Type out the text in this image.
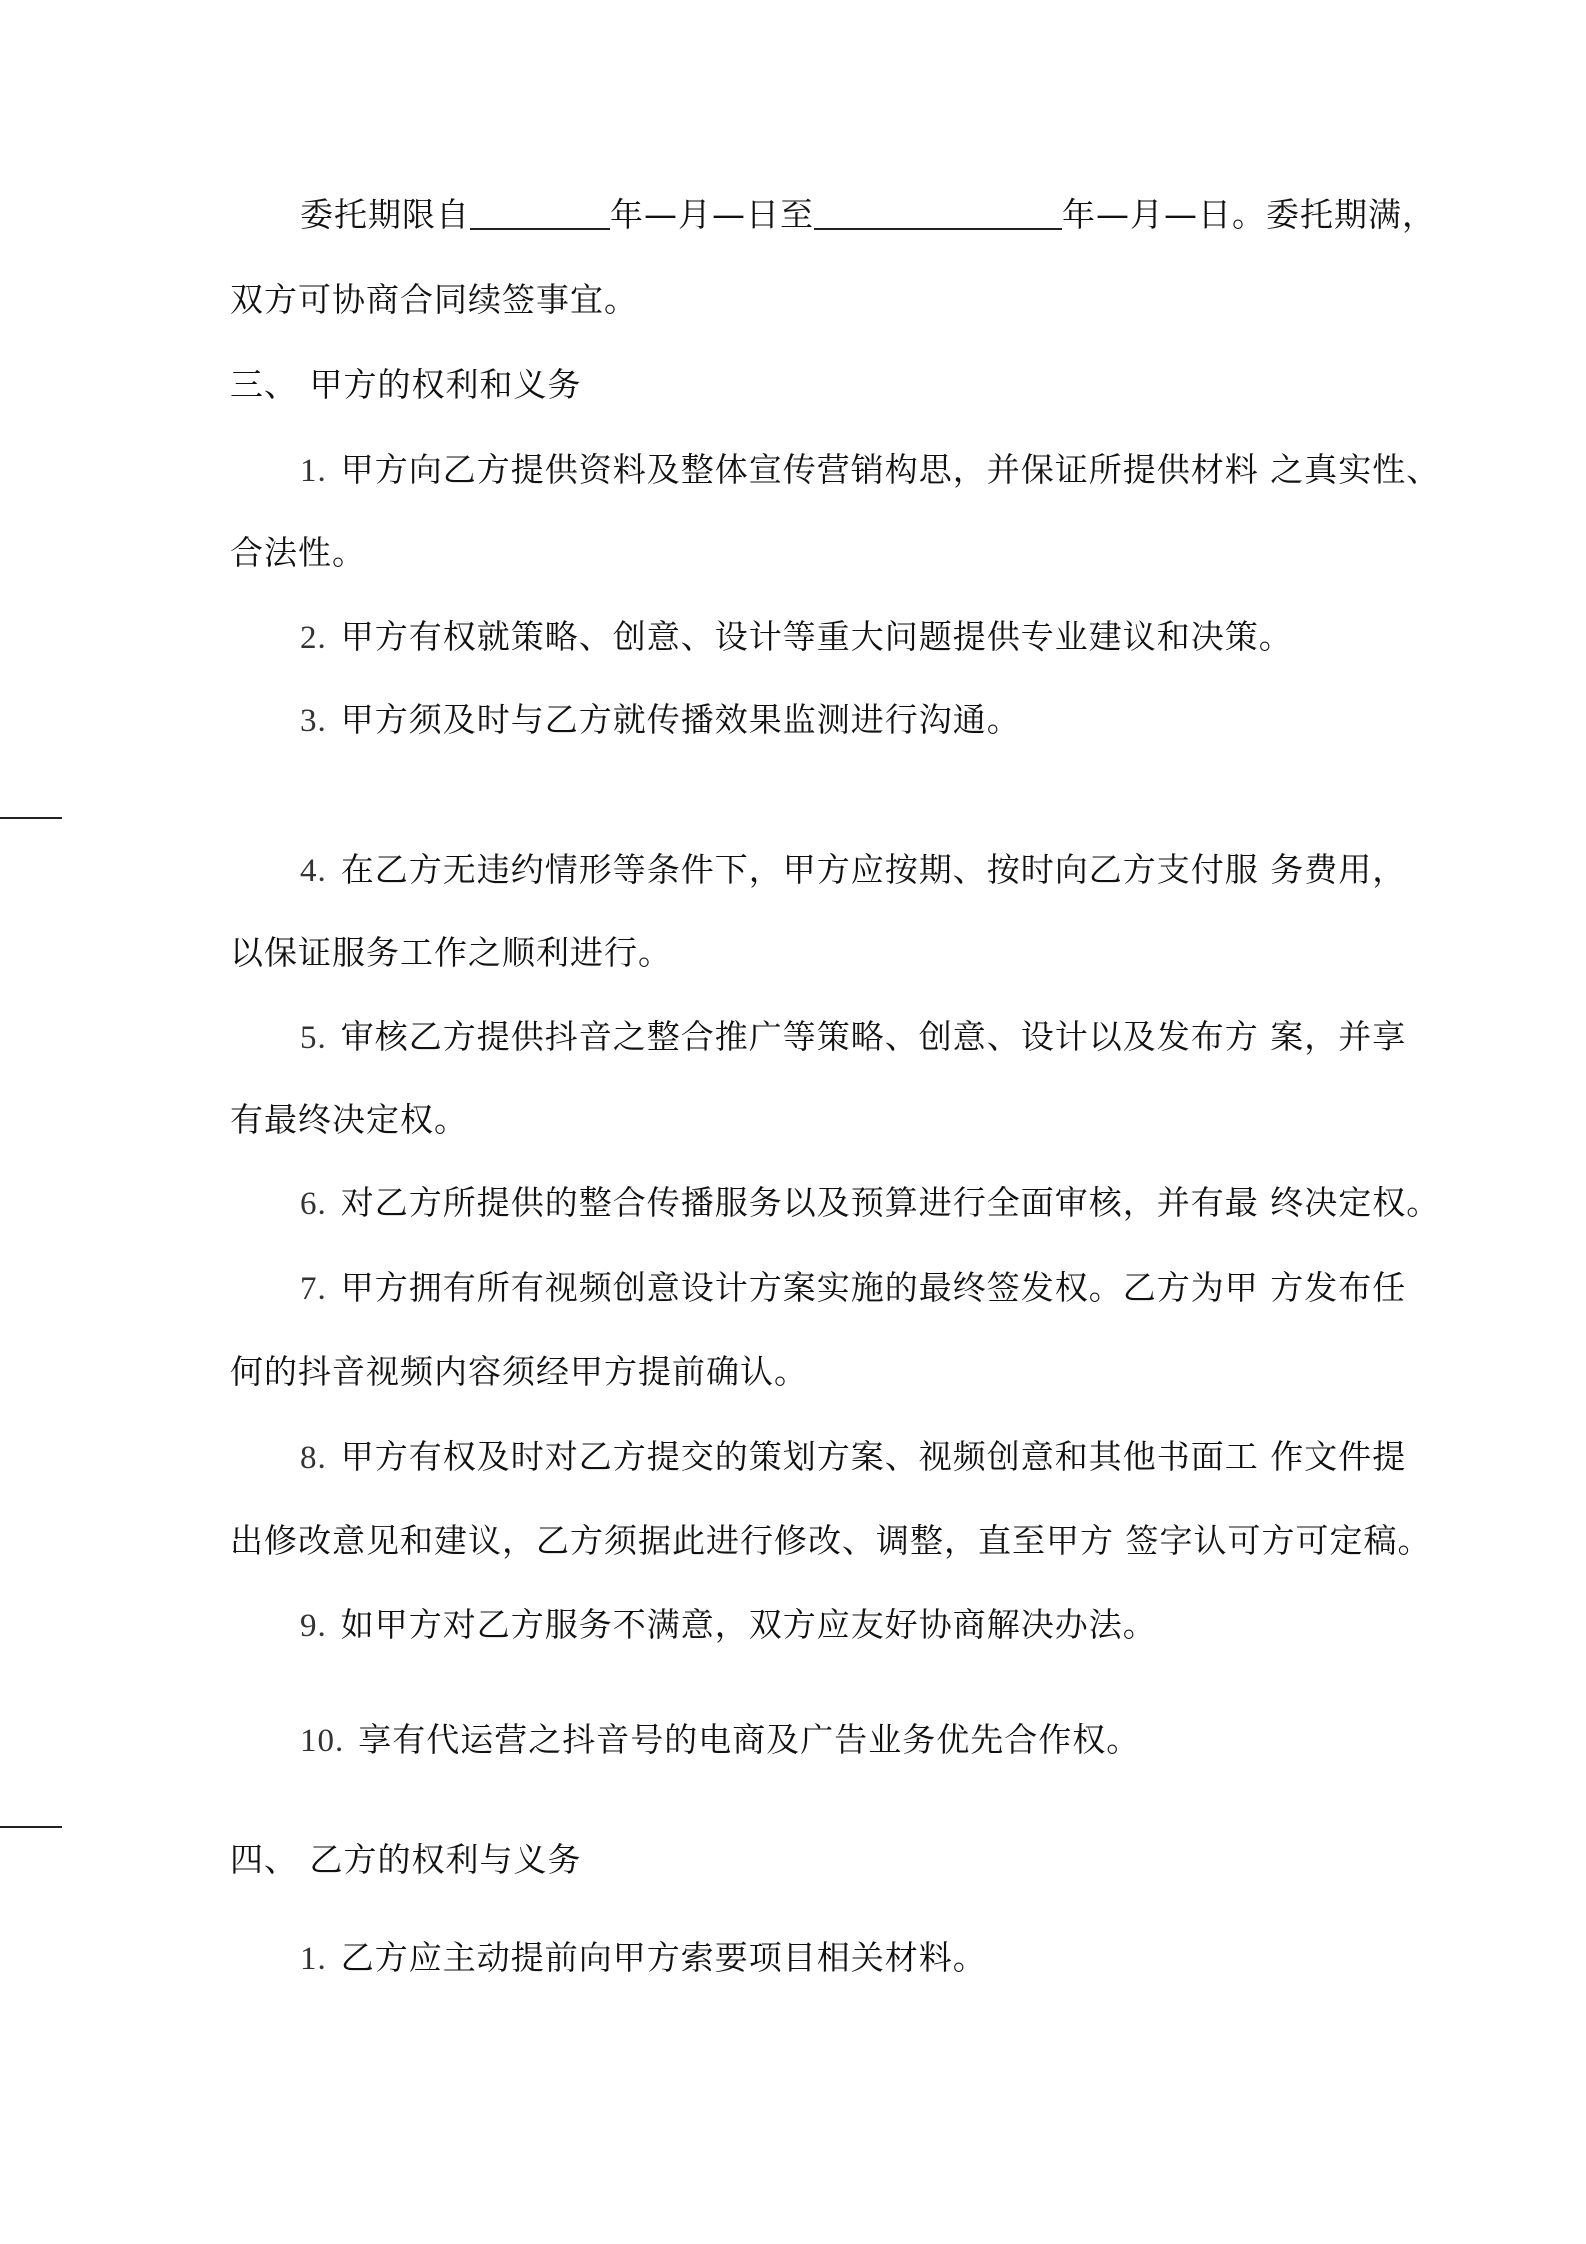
委托期限自	年—月—日至	年—月—日。委托期满，
双方可协商合同续签事宜。
三、 甲方的权利和义务
1. 甲方向乙方提供资料及整体宣传营销构思，并保证所提供材料 之真实性、
合法性。
2. 甲方有权就策略、创意、设计等重大问题提供专业建议和决策。
3. 甲方须及时与乙方就传播效果监测进行沟通。
4. 在乙方无违约情形等条件下，甲方应按期、按时向乙方支付服 务费用，
以保证服务工作之顺利进行。
5. 审核乙方提供抖音之整合推广等策略、创意、设计以及发布方 案，并享
有最终决定权。
6. 对乙方所提供的整合传播服务以及预算进行全面审核，并有最 终决定权。
7. 甲方拥有所有视频创意设计方案实施的最终签发权。乙方为甲 方发布任
何的抖音视频内容须经甲方提前确认。
8. 甲方有权及时对乙方提交的策划方案、视频创意和其他书面工 作文件提
出修改意见和建议，乙方须据此进行修改、调整，直至甲方 签字认可方可定稿。
9. 如甲方对乙方服务不满意，双方应友好协商解决办法。
10. 享有代运营之抖音号的电商及广告业务优先合作权。
四、 乙方的权利与义务
1. 乙方应主动提前向甲方索要项目相关材料。
